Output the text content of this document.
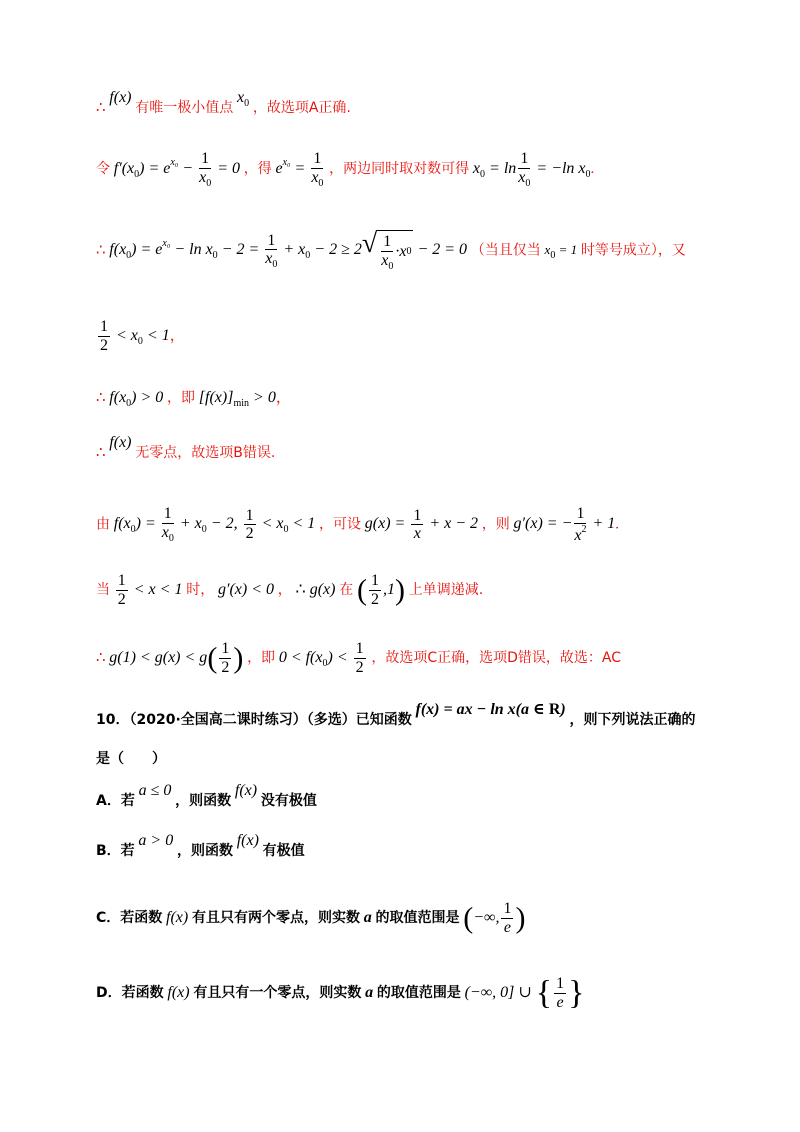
∴ f(x) 有唯一极小值点 $x_0$ ，故选项A正确.
令 $f'(x_0) = e^{x_0} - \frac{1}{x_0} = 0$ ，得 $e^{x_0} = \frac{1}{x_0}$ ，两边同时取对数可得 $x_0 = \ln \frac{1}{x_0} = -\ln$ $x_0$.
∴ $f(x_0) = e^{x_0} - \ln x_0 - 2 = \frac{1}{x_0} + x_0 - 2 \ge 2$ √ $\frac{1}{x_0} \cdot x$ 0 − 2 = 0 （当且仅当 $x_0 = 1$ 时等号成立），又
$\frac{1}{2} < x_0 < 1$，
∴ $f(x_0) > 0$ ，即 $[f(x)]_{min} > 0$，
∴ f(x) 无零点，故选项B错误.
由 $f(x_0) = \frac{1}{x_0} + x_0 - 2$, $\frac{1}{2} < x_0 < 1$ ，可设 $g(x) = \frac{1}{x} + x - 2$ ，则 g′(x) = − $\frac{1}{x^2} + 1$.
当 $\frac{1}{2} < x < 1$ 时， g′(x) < 0 ， ∴ g(x) 在 ( $\frac{1}{2} ,1$) 上单调递减.
∴ $g(1) < g(x) < g( \frac{1}{2}$ ) ，即 $0 < f(x_0) < \frac{1}{2}$ ，故选项C正确，选项D错误，故选：AC
10．（2020·全国高二课时练习）（多选）已知函数 f(x) = ax − ln x(a ∈ R) ，则下列说法正确的
是（　　）
A．若 a ≤ 0 ，则函数 f(x) 没有极值
B．若 a > 0 ，则函数 f(x) 有极值
C．若函数 f(x) 有且只有两个零点，则实数 a 的取值范围是 (−∞, $\frac{1}{e}$ )
D．若函数 f(x) 有且只有一个零点，则实数 a 的取值范围是 (−∞, 0] ∪ { $\frac{1}{e}$ }
